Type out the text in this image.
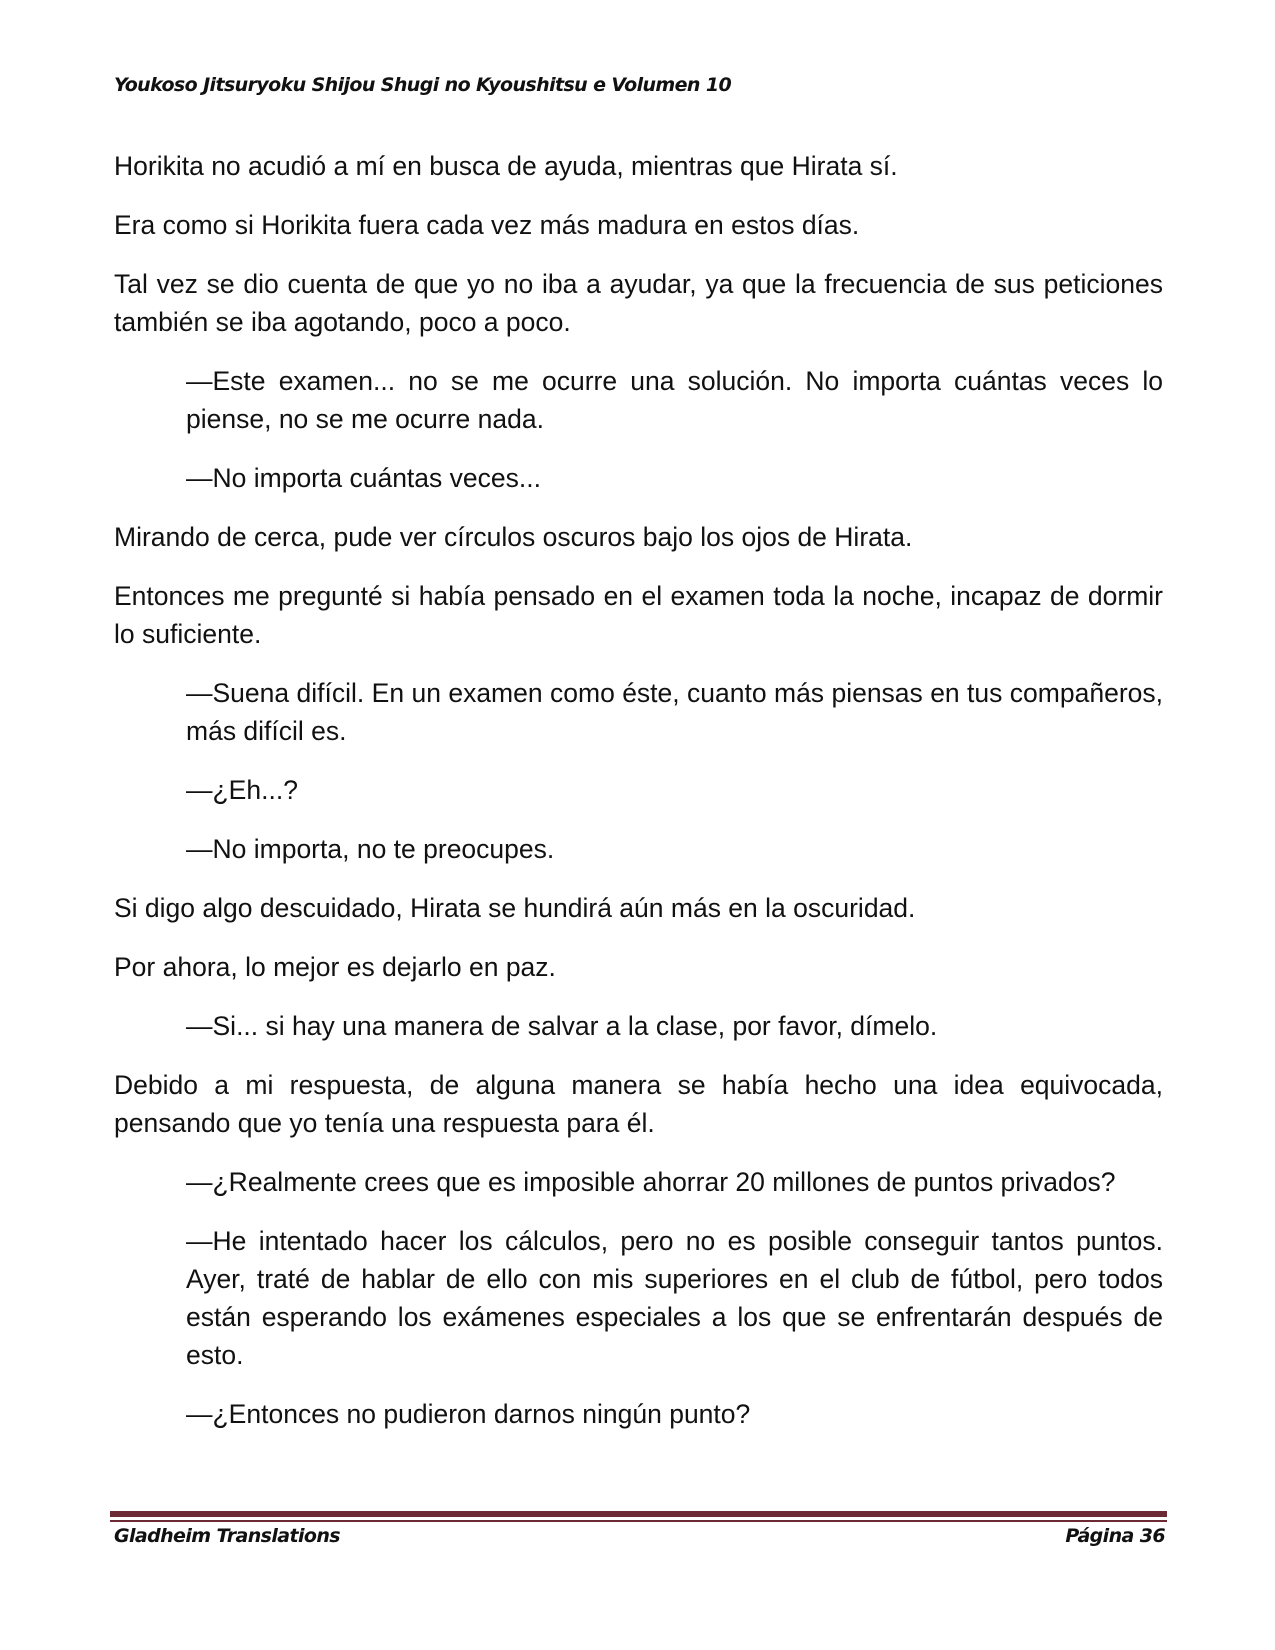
Youkoso Jitsuryoku Shijou Shugi no Kyoushitsu e Volumen 10

Horikita no acudió a mí en busca de ayuda, mientras que Hirata sí.

Era como si Horikita fuera cada vez más madura en estos días.

Tal vez se dio cuenta de que yo no iba a ayudar, ya que la frecuencia de sus peticiones también se iba agotando, poco a poco.

—Este examen... no se me ocurre una solución. No importa cuántas veces lo piense, no se me ocurre nada.

—No importa cuántas veces...

Mirando de cerca, pude ver círculos oscuros bajo los ojos de Hirata.

Entonces me pregunté si había pensado en el examen toda la noche, incapaz de dormir lo suficiente.

—Suena difícil. En un examen como éste, cuanto más piensas en tus compañeros, más difícil es.

—¿Eh...?

—No importa, no te preocupes.

Si digo algo descuidado, Hirata se hundirá aún más en la oscuridad.

Por ahora, lo mejor es dejarlo en paz.

—Si... si hay una manera de salvar a la clase, por favor, dímelo.

Debido a mi respuesta, de alguna manera se había hecho una idea equivocada, pensando que yo tenía una respuesta para él.

—¿Realmente crees que es imposible ahorrar 20 millones de puntos privados?

—He intentado hacer los cálculos, pero no es posible conseguir tantos puntos. Ayer, traté de hablar de ello con mis superiores en el club de fútbol, pero todos están esperando los exámenes especiales a los que se enfrentarán después de esto.

—¿Entonces no pudieron darnos ningún punto?

Gladheim Translations	Página 36
